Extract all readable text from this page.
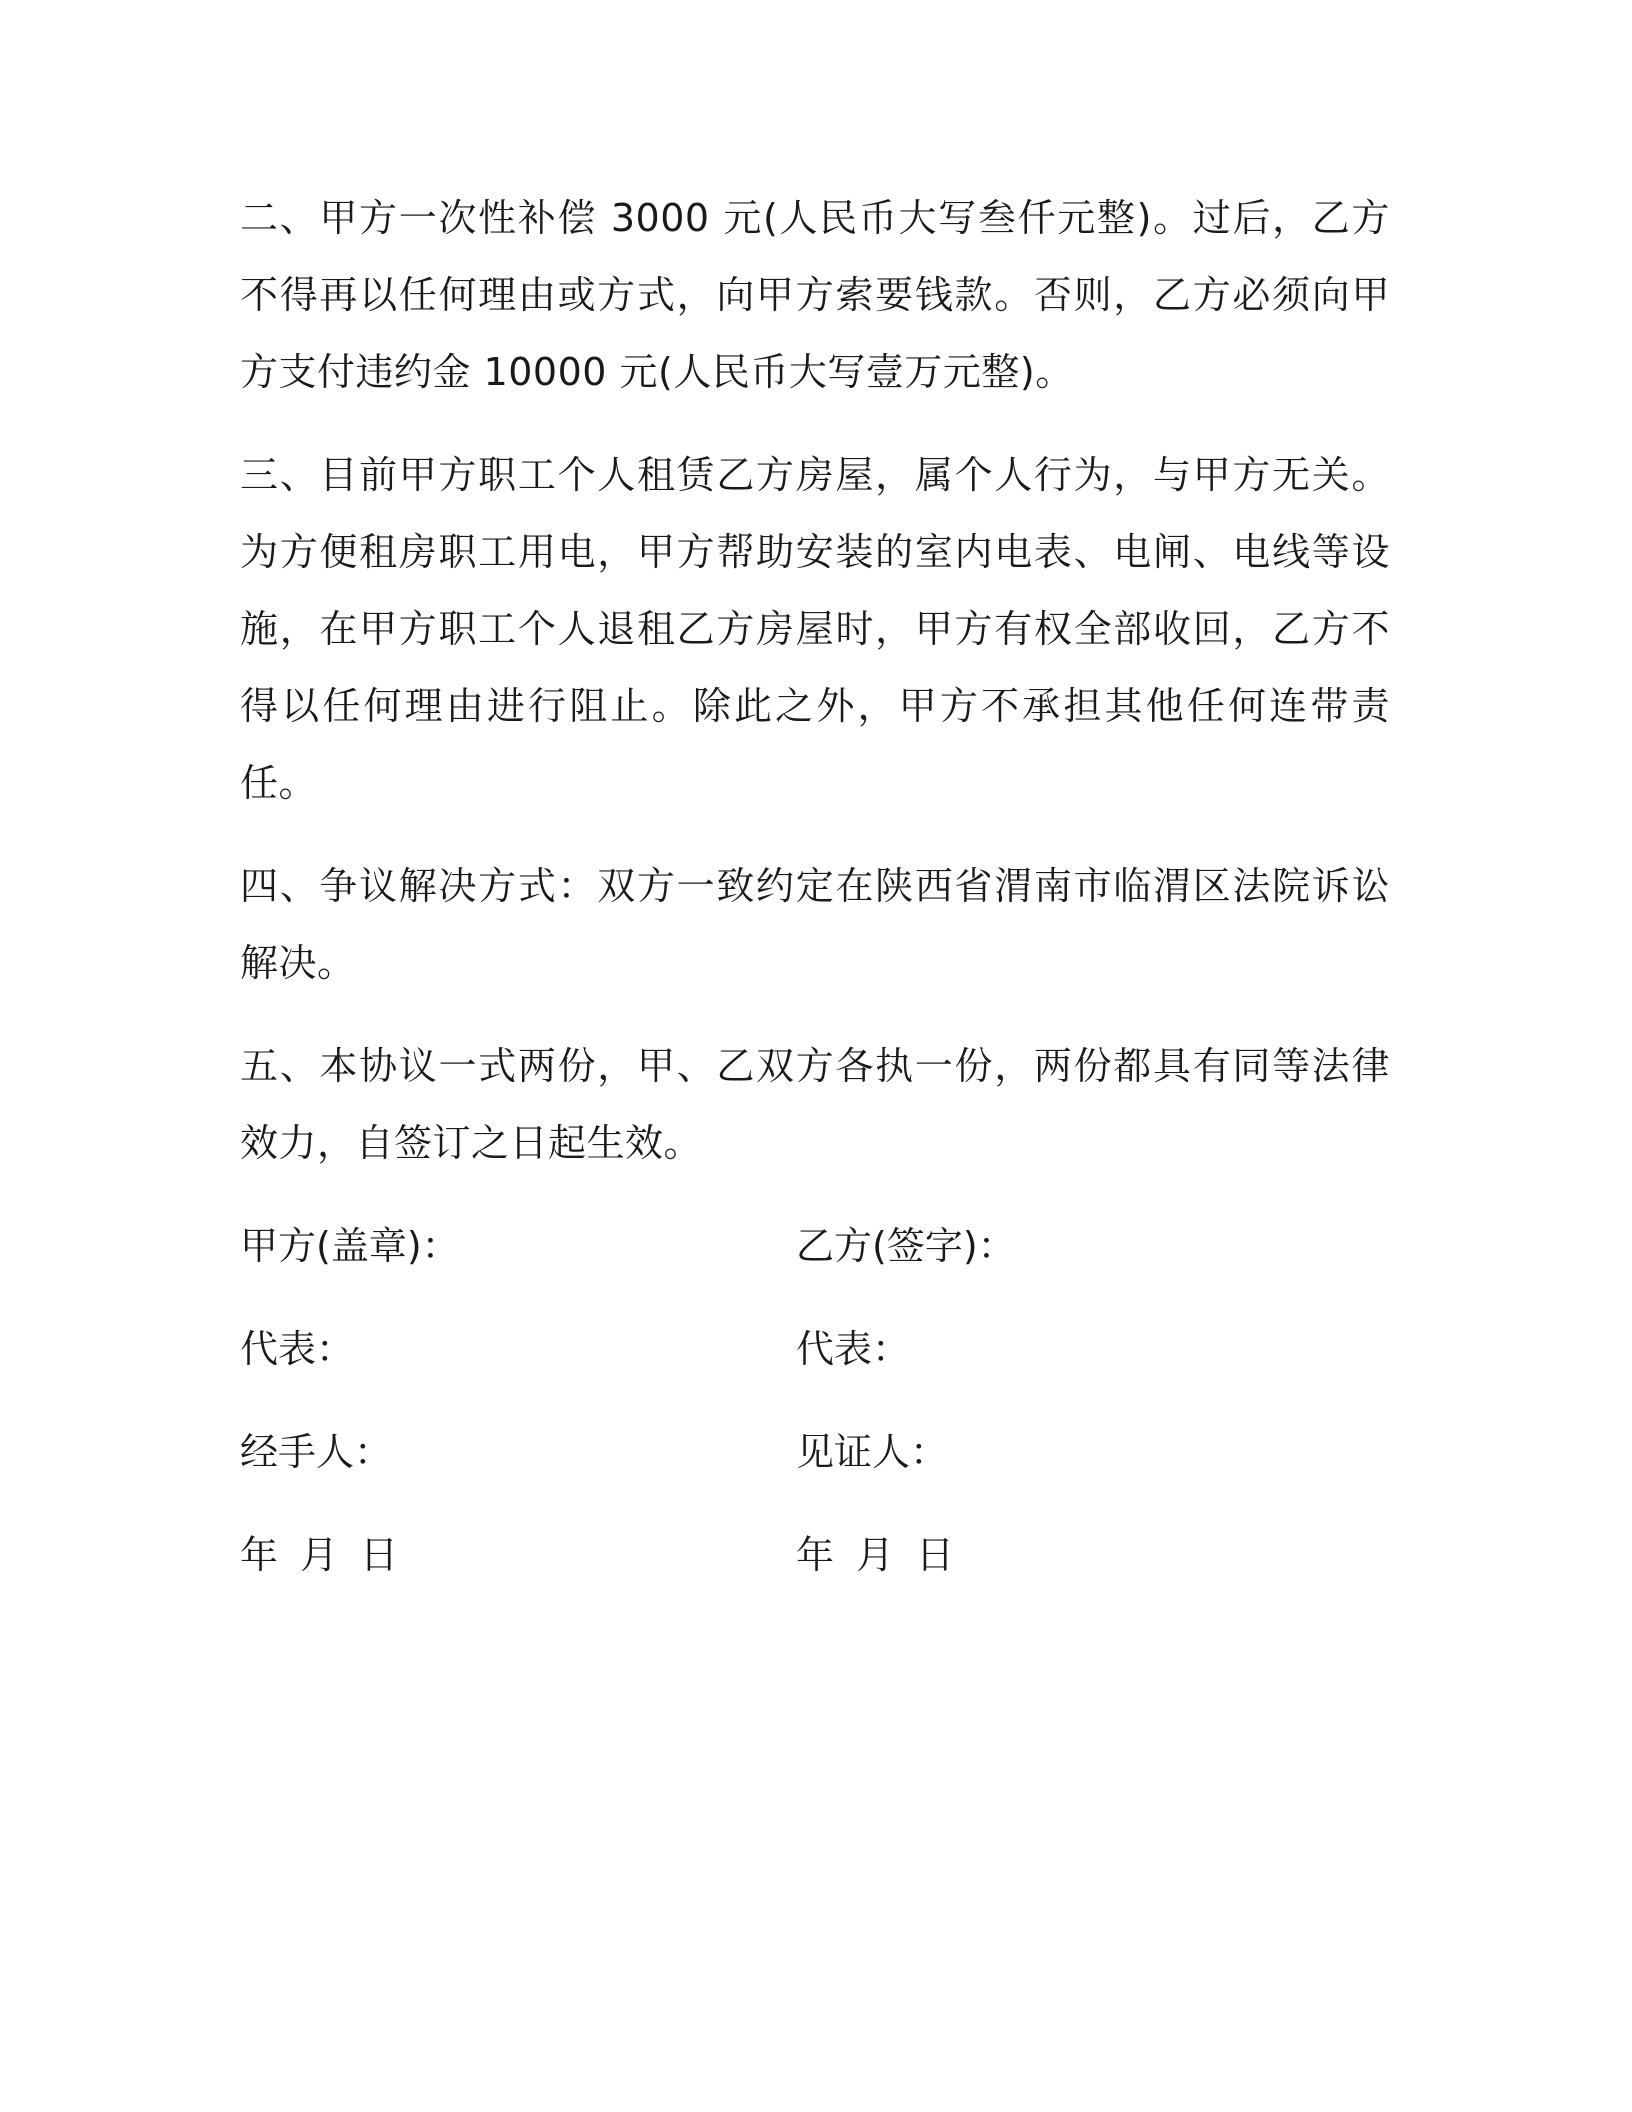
二、甲方一次性补偿 3000 元(人民币大写叁仟元整)。过后，乙方不得再以任何理由或方式，向甲方索要钱款。否则，乙方必须向甲方支付违约金 10000 元(人民币大写壹万元整)。

三、目前甲方职工个人租赁乙方房屋，属个人行为，与甲方无关。为方便租房职工用电，甲方帮助安装的室内电表、电闸、电线等设施，在甲方职工个人退租乙方房屋时，甲方有权全部收回，乙方不得以任何理由进行阻止。除此之外，甲方不承担其他任何连带责任。

四、争议解决方式：双方一致约定在陕西省渭南市临渭区法院诉讼解决。

五、本协议一式两份，甲、乙双方各执一份，两份都具有同等法律效力，自签订之日起生效。

甲方(盖章)：	乙方(签字)：
代表：	代表：
经手人：	见证人：
年 月 日	年 月 日
